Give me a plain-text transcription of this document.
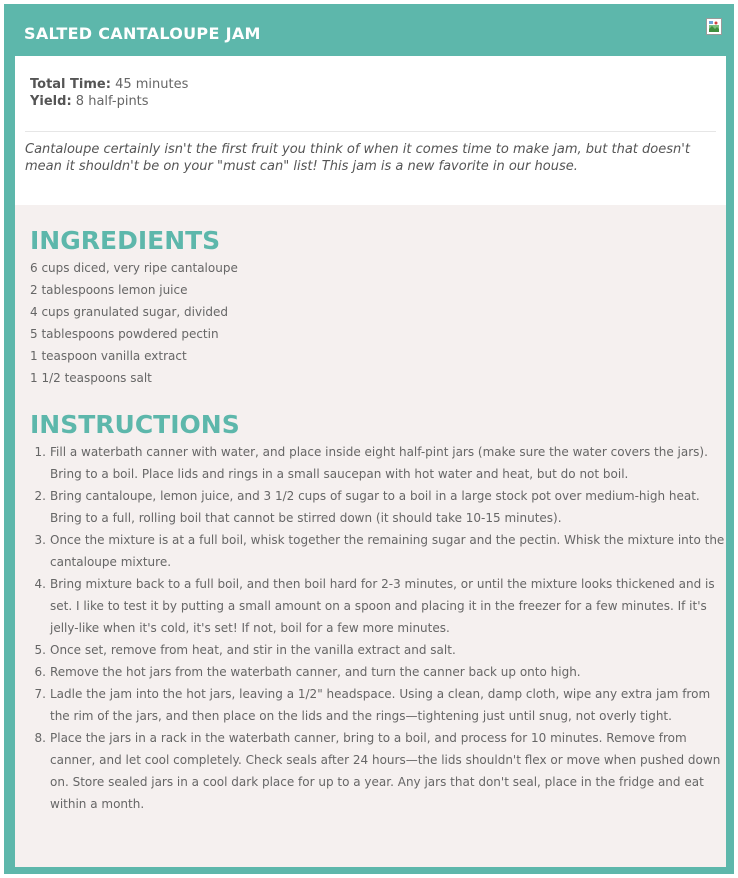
SALTED CANTALOUPE JAM
Total Time: 45 minutes
Yield: 8 half-pints

Cantaloupe certainly isn't the first fruit you think of when it comes time to make jam, but that doesn't mean it shouldn't be on your "must can" list! This jam is a new favorite in our house.

INGREDIENTS
6 cups diced, very ripe cantaloupe
2 tablespoons lemon juice
4 cups granulated sugar, divided
5 tablespoons powdered pectin
1 teaspoon vanilla extract
1 1/2 teaspoons salt
INSTRUCTIONS
1. Fill a waterbath canner with water, and place inside eight half-pint jars (make sure the water covers the jars). Bring to a boil. Place lids and rings in a small saucepan with hot water and heat, but do not boil.
2. Bring cantaloupe, lemon juice, and 3 1/2 cups of sugar to a boil in a large stock pot over medium-high heat. Bring to a full, rolling boil that cannot be stirred down (it should take 10-15 minutes).
3. Once the mixture is at a full boil, whisk together the remaining sugar and the pectin. Whisk the mixture into the cantaloupe mixture.
4. Bring mixture back to a full boil, and then boil hard for 2-3 minutes, or until the mixture looks thickened and is set. I like to test it by putting a small amount on a spoon and placing it in the freezer for a few minutes. If it's jelly-like when it's cold, it's set! If not, boil for a few more minutes.
5. Once set, remove from heat, and stir in the vanilla extract and salt.
6. Remove the hot jars from the waterbath canner, and turn the canner back up onto high.
7. Ladle the jam into the hot jars, leaving a 1/2" headspace. Using a clean, damp cloth, wipe any extra jam from the rim of the jars, and then place on the lids and the rings—tightening just until snug, not overly tight.
8. Place the jars in a rack in the waterbath canner, bring to a boil, and process for 10 minutes. Remove from canner, and let cool completely. Check seals after 24 hours—the lids shouldn't flex or move when pushed down on. Store sealed jars in a cool dark place for up to a year. Any jars that don't seal, place in the fridge and eat within a month.
